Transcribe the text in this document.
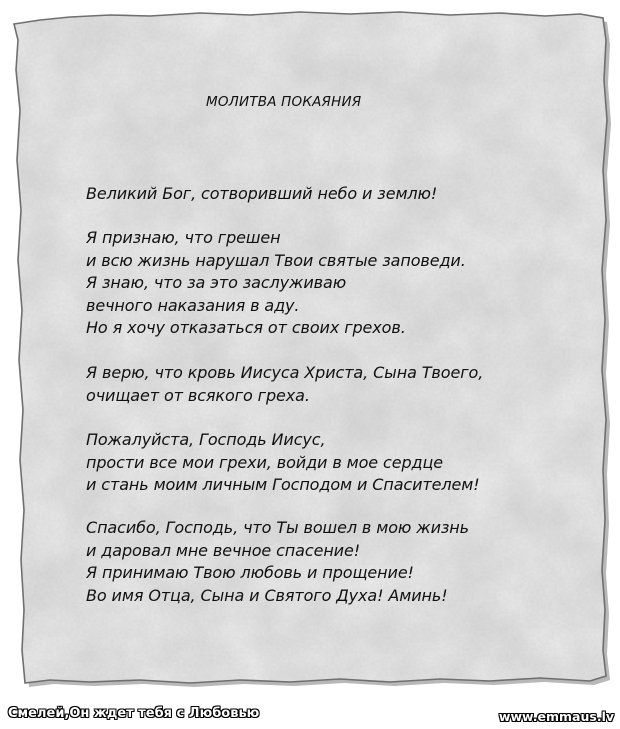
МОЛИТВА ПОКАЯНИЯ

Великий Бог, сотворивший небо и землю!

Я признаю, что грешен
и всю жизнь нарушал Твои святые заповеди.
Я знаю, что за это заслуживаю
вечного наказания в аду.
Но я хочу отказаться от своих грехов.

Я верю, что кровь Иисуса Христа, Сына Твоего,
очищает от всякого греха.

Пожалуйста, Господь Иисус,
прости все мои грехи, войди в мое сердце
и стань моим личным Господом и Спасителем!

Спасибо, Господь, что Ты вошел в мою жизнь
и даровал мне вечное спасение!
Я принимаю Твою любовь и прощение!
Во имя Отца, Сына и Святого Духа! Аминь!

Смелей,Он ждет тебя с Любовью	www.emmaus.lv
